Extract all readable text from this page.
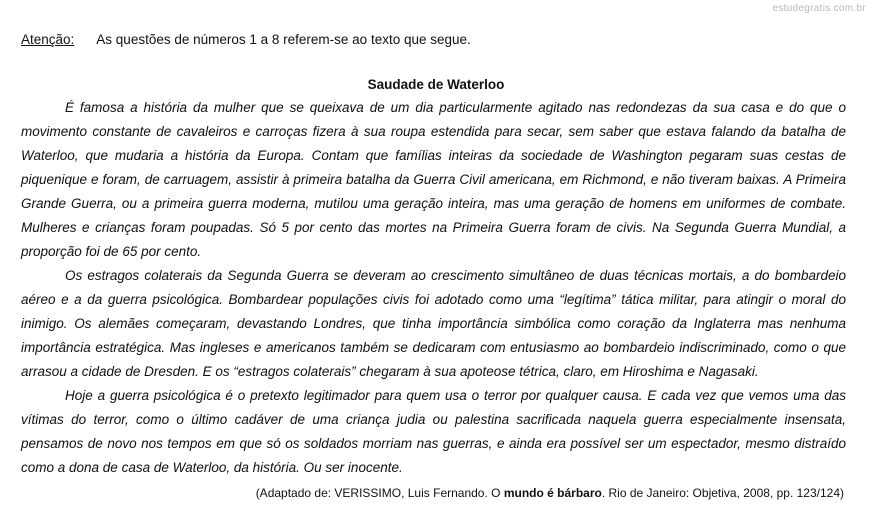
estudegratis.com.br
Atenção: As questões de números 1 a 8 referem-se ao texto que segue.
Saudade de Waterloo

É famosa a história da mulher que se queixava de um dia particularmente agitado nas redondezas da sua casa e do que o movimento constante de cavaleiros e carroças fizera à sua roupa estendida para secar, sem saber que estava falando da batalha de Waterloo, que mudaria a história da Europa. Contam que famílias inteiras da sociedade de Washington pegaram suas cestas de piquenique e foram, de carruagem, assistir à primeira batalha da Guerra Civil americana, em Richmond, e não tiveram baixas. A Primeira Grande Guerra, ou a primeira guerra moderna, mutilou uma geração inteira, mas uma geração de homens em uniformes de combate. Mulheres e crianças foram poupadas. Só 5 por cento das mortes na Primeira Guerra foram de civis. Na Segunda Guerra Mundial, a proporção foi de 65 por cento.

Os estragos colaterais da Segunda Guerra se deveram ao crescimento simultâneo de duas técnicas mortais, a do bombardeio aéreo e a da guerra psicológica. Bombardear populações civis foi adotado como uma “legítima” tática militar, para atingir o moral do inimigo. Os alemães começaram, devastando Londres, que tinha importância simbólica como coração da Inglaterra mas nenhuma importância estratégica. Mas ingleses e americanos também se dedicaram com entusiasmo ao bombardeio indiscriminado, como o que arrasou a cidade de Dresden. E os “estragos colaterais” chegaram à sua apoteose tétrica, claro, em Hiroshima e Nagasaki.

Hoje a guerra psicológica é o pretexto legitimador para quem usa o terror por qualquer causa. E cada vez que vemos uma das vítimas do terror, como o último cadáver de uma criança judia ou palestina sacrificada naquela guerra especialmente insensata, pensamos de novo nos tempos em que só os soldados morriam nas guerras, e ainda era possível ser um espectador, mesmo distraído como a dona de casa de Waterloo, da história. Ou ser inocente.

(Adaptado de: VERISSIMO, Luis Fernando. O mundo é bárbaro. Rio de Janeiro: Objetiva, 2008, pp. 123/124)
